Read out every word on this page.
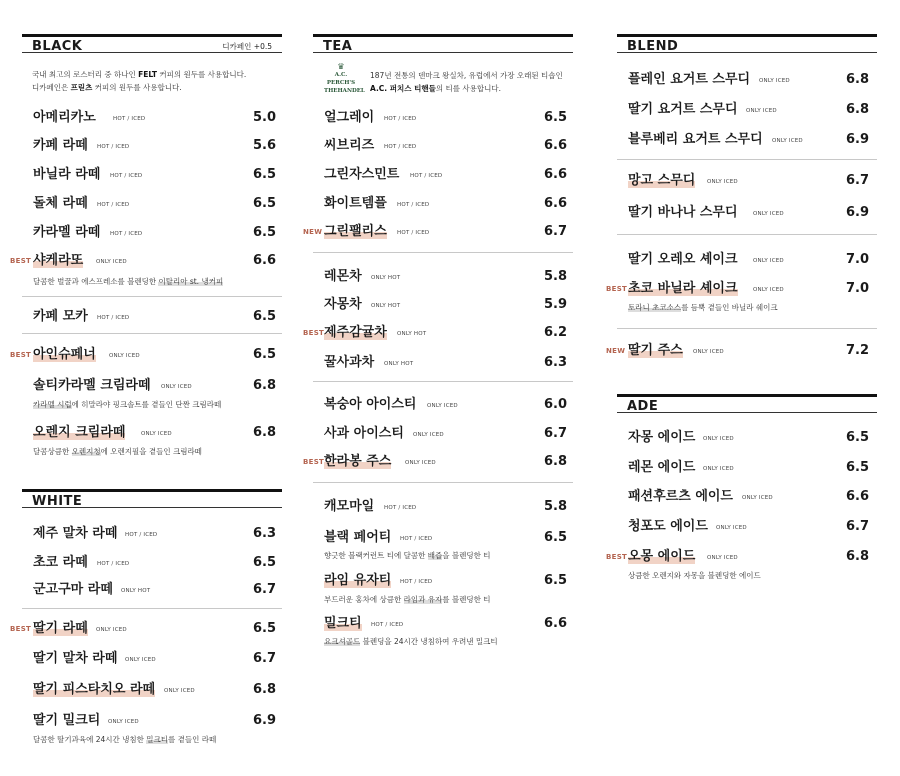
BLACK	디카페인 +0.5
국내 최고의 로스터리 중 하나인 FELT 커피의 원두를 사용합니다.
디카페인은 프릳츠 커피의 원두를 사용합니다.
아메리카노	HOT / ICED	5.0
카페 라떼 HOT / ICED	5.6
바닐라 라떼 HOT / ICED	6.5
돌체 라떼 HOT / ICED	6.5
카라멜 라떼 HOT / ICED	6.5
BEST 샤케라또 ONLY ICED	6.6
달콤한 벌꿀과 에스프레소를 블렌딩한 이탈리아 st. 냉커피
카페 모카 HOT / ICED	6.5
BEST 아인슈페너 ONLY ICED	6.5
솔티카라멜 크림라떼 ONLY ICED	6.8
카라멜 시럽에 히말라야 핑크솔트를 곁들인 단짠 크림라떼
오렌지 크림라떼	ONLY ICED	6.8
달콤상큼한 오렌지청에 오렌지필을 곁들인 크림라떼
WHITE
제주 말차 라떼 HOT / ICED	6.3
초코 라떼 HOT / ICED	6.5
군고구마 라떼 ONLY HOT	6.7
BEST 딸기 라떼 ONLY ICED	6.5
딸기 말차 라떼 ONLY ICED	6.7
딸기 피스타치오 라떼 ONLY ICED	6.8
딸기 밀크티 ONLY ICED	6.9
달콤한 딸기과육에 24시간 냉침한 밀크티를 곁들인 라떼
TEA
♛
A.C. PERCH'S
THEHANDEL
187년 전통의 덴마크 왕실차, 유럽에서 가장 오래된 티숍인
A.C. 퍼치스 티핸들의 티를 사용합니다.
얼그레이 HOT / ICED	6.5
씨브리즈 HOT / ICED	6.6
그린자스민트 HOT / ICED	6.6
화이트템플 HOT / ICED	6.6
NEW 그린팰리스 HOT / ICED	6.7
레몬차 ONLY HOT	5.8
자몽차 ONLY HOT	5.9
BEST 제주감귤차 ONLY HOT	6.2
꿀사과차 ONLY HOT	6.3
복숭아 아이스티 ONLY ICED	6.0
사과 아이스티 ONLY ICED	6.7
BEST 한라봉 주스 ONLY ICED	6.8
캐모마일 HOT / ICED	5.8
블랙 페어티 HOT / ICED	6.5
향긋한 블랙커런트 티에 달콤한 배즙을 블렌딩한 티
라임 유자티 HOT / ICED	6.5
부드러운 홍차에 상큼한 라임과 유자를 블렌딩한 티
밀크티 HOT / ICED	6.6
요크셔골드 블렌딩을 24시간 냉침하여 우려낸 밀크티
BLEND
플레인 요거트 스무디 ONLY ICED	6.8
딸기 요거트 스무디 ONLY ICED	6.8
블루베리 요거트 스무디 ONLY ICED	6.9
망고 스무디 ONLY ICED	6.7
딸기 바나나 스무디	ONLY ICED	6.9
딸기 오레오 셰이크	ONLY ICED	7.0
BEST 초코 바닐라 셰이크	ONLY ICED	7.0
토라니 초코소스를 듬뿍 곁들인 바닐라 쉐이크
NEW 딸기 주스 ONLY ICED	7.2
ADE
자몽 에이드 ONLY ICED	6.5
레몬 에이드 ONLY ICED	6.5
패션후르츠 에이드 ONLY ICED	6.6
청포도 에이드 ONLY ICED	6.7
BEST 오몽 에이드 ONLY ICED	6.8
상큼한 오렌지와 자몽을 블렌딩한 에이드
